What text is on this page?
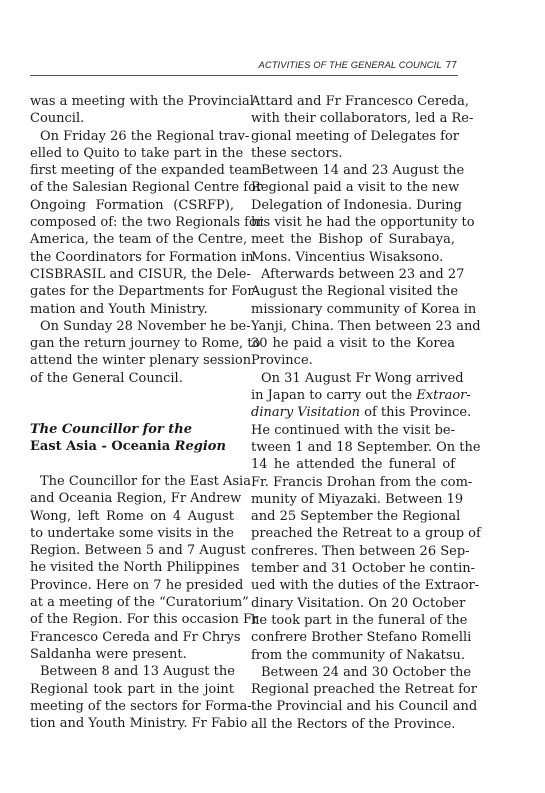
ACTIVITIES OF THE GENERAL COUNCIL 77
was a meeting with the Provincial
Council.
On Friday 26 the Regional trav-
elled to Quito to take part in the
first meeting of the expanded team
of the Salesian Regional Centre for
Ongoing Formation (CSRFP),
composed of: the two Regionals for
America, the team of the Centre,
the Coordinators for Formation in
CISBRASIL and CISUR, the Dele-
gates for the Departments for For-
mation and Youth Ministry.
On Sunday 28 November he be-
gan the return journey to Rome, to
attend the winter plenary session
of the General Council.
The Councillor for the
East Asia - Oceania Region
The Councillor for the East Asia
and Oceania Region, Fr Andrew
Wong, left Rome on 4 August
to undertake some visits in the
Region. Between 5 and 7 August
he visited the North Philippines
Province. Here on 7 he presided
at a meeting of the “Curatorium”
of the Region. For this occasion Fr
Francesco Cereda and Fr Chrys
Saldanha were present.
Between 8 and 13 August the
Regional took part in the joint
meeting of the sectors for Forma-
tion and Youth Ministry. Fr Fabio
Attard and Fr Francesco Cereda,
with their collaborators, led a Re-
gional meeting of Delegates for
these sectors.
Between 14 and 23 August the
Regional paid a visit to the new
Delegation of Indonesia. During
his visit he had the opportunity to
meet the Bishop of Surabaya,
Mons. Vincentius Wisaksono.
Afterwards between 23 and 27
August the Regional visited the
missionary community of Korea in
Yanji, China. Then between 23 and
30 he paid a visit to the Korea
Province.
On 31 August Fr Wong arrived
in Japan to carry out the Extraor-
dinary Visitation of this Province.
He continued with the visit be-
tween 1 and 18 September. On the
14 he attended the funeral of
Fr. Francis Drohan from the com-
munity of Miyazaki. Between 19
and 25 September the Regional
preached the Retreat to a group of
confreres. Then between 26 Sep-
tember and 31 October he contin-
ued with the duties of the Extraor-
dinary Visitation. On 20 October
he took part in the funeral of the
confrere Brother Stefano Romelli
from the community of Nakatsu.
Between 24 and 30 October the
Regional preached the Retreat for
the Provincial and his Council and
all the Rectors of the Province.
